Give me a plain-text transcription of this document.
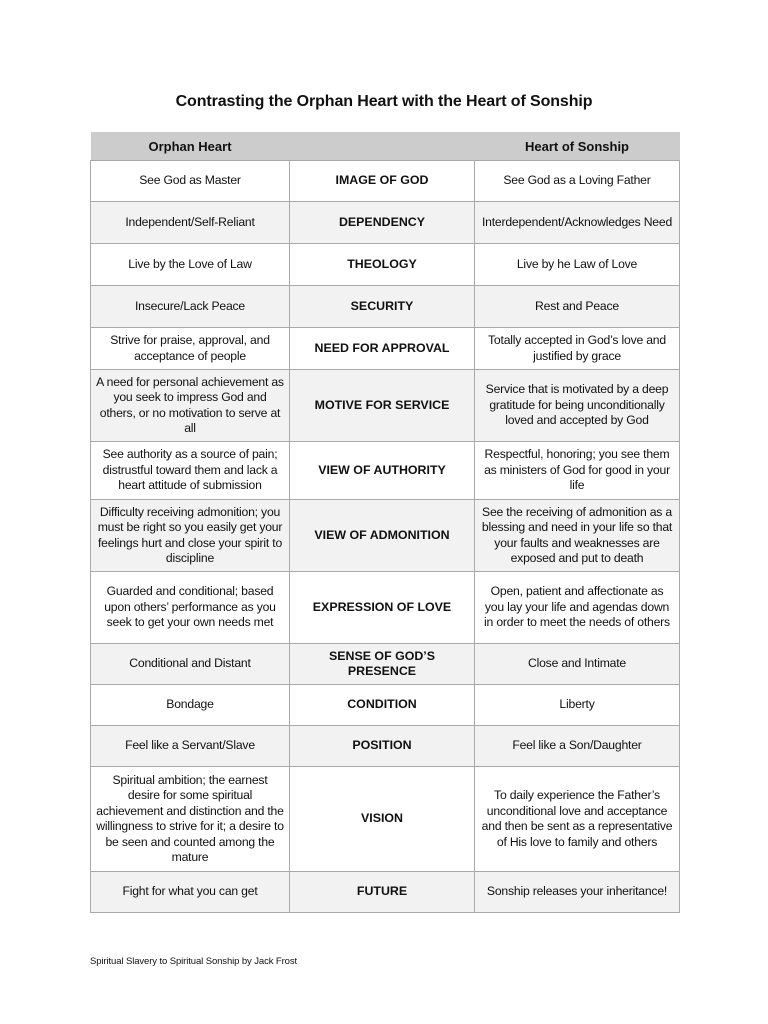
Contrasting the Orphan Heart with the Heart of Sonship
Orphan Heart		Heart of Sonship
See God as Master	IMAGE OF GOD	See God as a Loving Father
Independent/Self-Reliant	DEPENDENCY	Interdependent/Acknowledges Need
Live by the Love of Law	THEOLOGY	Live by he Law of Love
Insecure/Lack Peace	SECURITY	Rest and Peace
Strive for praise, approval, and acceptance of people	NEED FOR APPROVAL	Totally accepted in God’s love and justified by grace
A need for personal achievement as you seek to impress God and others, or no motivation to serve at all	MOTIVE FOR SERVICE	Service that is motivated by a deep gratitude for being unconditionally loved and accepted by God
See authority as a source of pain; distrustful toward them and lack a heart attitude of submission	VIEW OF AUTHORITY	Respectful, honoring; you see them as ministers of God for good in your life
Difficulty receiving admonition; you must be right so you easily get your feelings hurt and close your spirit to discipline	VIEW OF ADMONITION	See the receiving of admonition as a blessing and need in your life so that your faults and weaknesses are exposed and put to death
Guarded and conditional; based upon others’ performance as you seek to get your own needs met	EXPRESSION OF LOVE	Open, patient and affectionate as you lay your life and agendas down in order to meet the needs of others
Conditional and Distant	SENSE OF GOD’S PRESENCE	Close and Intimate
Bondage	CONDITION	Liberty
Feel like a Servant/Slave	POSITION	Feel like a Son/Daughter
Spiritual ambition; the earnest desire for some spiritual achievement and distinction and the willingness to strive for it; a desire to be seen and counted among the mature	VISION	To daily experience the Father’s unconditional love and acceptance and then be sent as a representative of His love to family and others
Fight for what you can get	FUTURE	Sonship releases your inheritance!
Spiritual Slavery to Spiritual Sonship by Jack Frost
